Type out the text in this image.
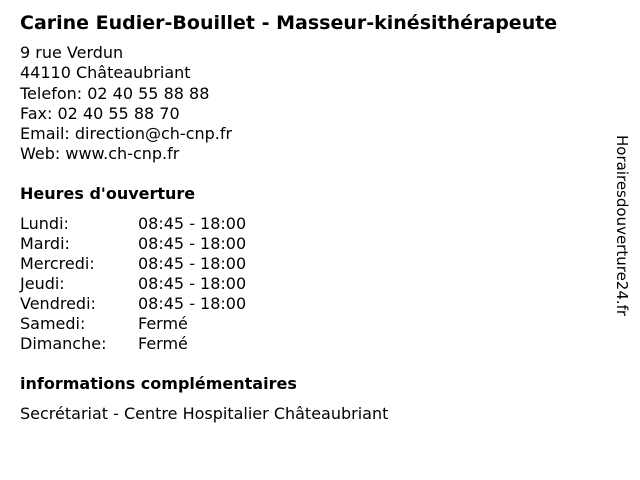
Carine Eudier-Bouillet - Masseur-kinésithérapeute
9 rue Verdun
44110 Châteaubriant
Telefon: 02 40 55 88 88
Fax: 02 40 55 88 70
Email: direction@ch-cnp.fr
Web: www.ch-cnp.fr
Heures d'ouverture
Lundi:	08:45 - 18:00
Mardi:	08:45 - 18:00
Mercredi:	08:45 - 18:00
Jeudi:	08:45 - 18:00
Vendredi:	08:45 - 18:00
Samedi:	Fermé
Dimanche: Fermé
informations complémentaires
Secrétariat - Centre Hospitalier Châteaubriant
Horairesdouverture24.fr
